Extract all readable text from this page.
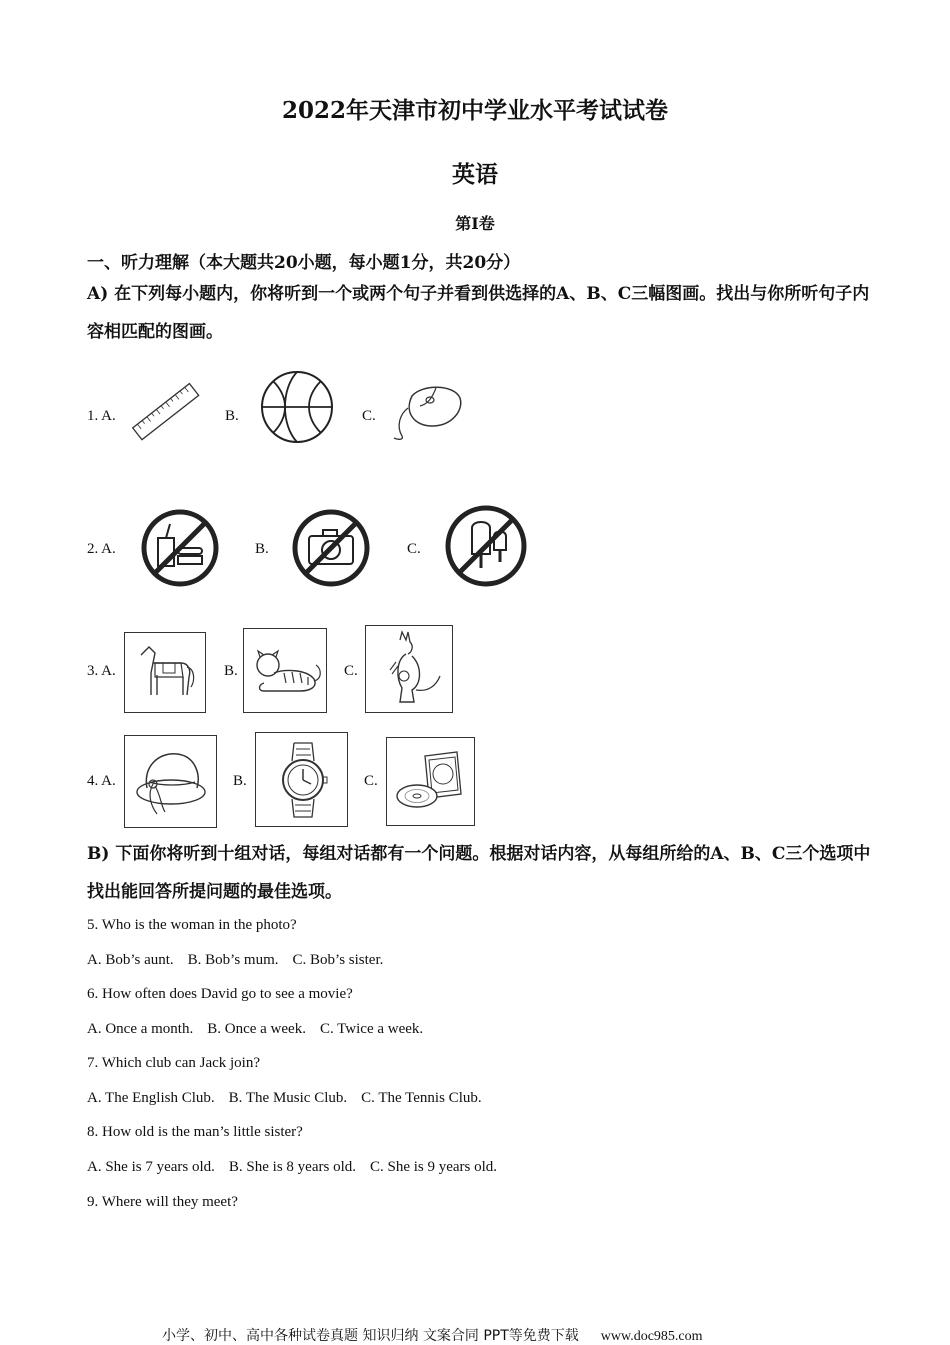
2022年天津市初中学业水平考试试卷
英语
第I卷
一、听力理解（本大题共20小题，每小题1分，共20分）
A) 在下列每小题内，你将听到一个或两个句子并看到供选择的A、B、C三幅图画。找出与你所听句子内容相匹配的图画。
1. A.	B.	C.
2. A.	B.	C.
3. A.	B.	C.
4. A.	B.	C.
B) 下面你将听到十组对话，每组对话都有一个问题。根据对话内容，从每组所给的A、B、C三个选项中找出能回答所提问题的最佳选项。
5. Who is the woman in the photo?
A. Bob’s aunt. B. Bob’s mum. C. Bob’s sister.
6. How often does David go to see a movie?
A. Once a month. B. Once a week. C. Twice a week.
7. Which club can Jack join?
A. The English Club. B. The Music Club. C. The Tennis Club.
8. How old is the man’s little sister?
A. She is 7 years old. B. She is 8 years old. C. She is 9 years old.
9. Where will they meet?
小学、初中、高中各种试卷真题 知识归纳 文案合同 PPT等免费下载 www.doc985.com
